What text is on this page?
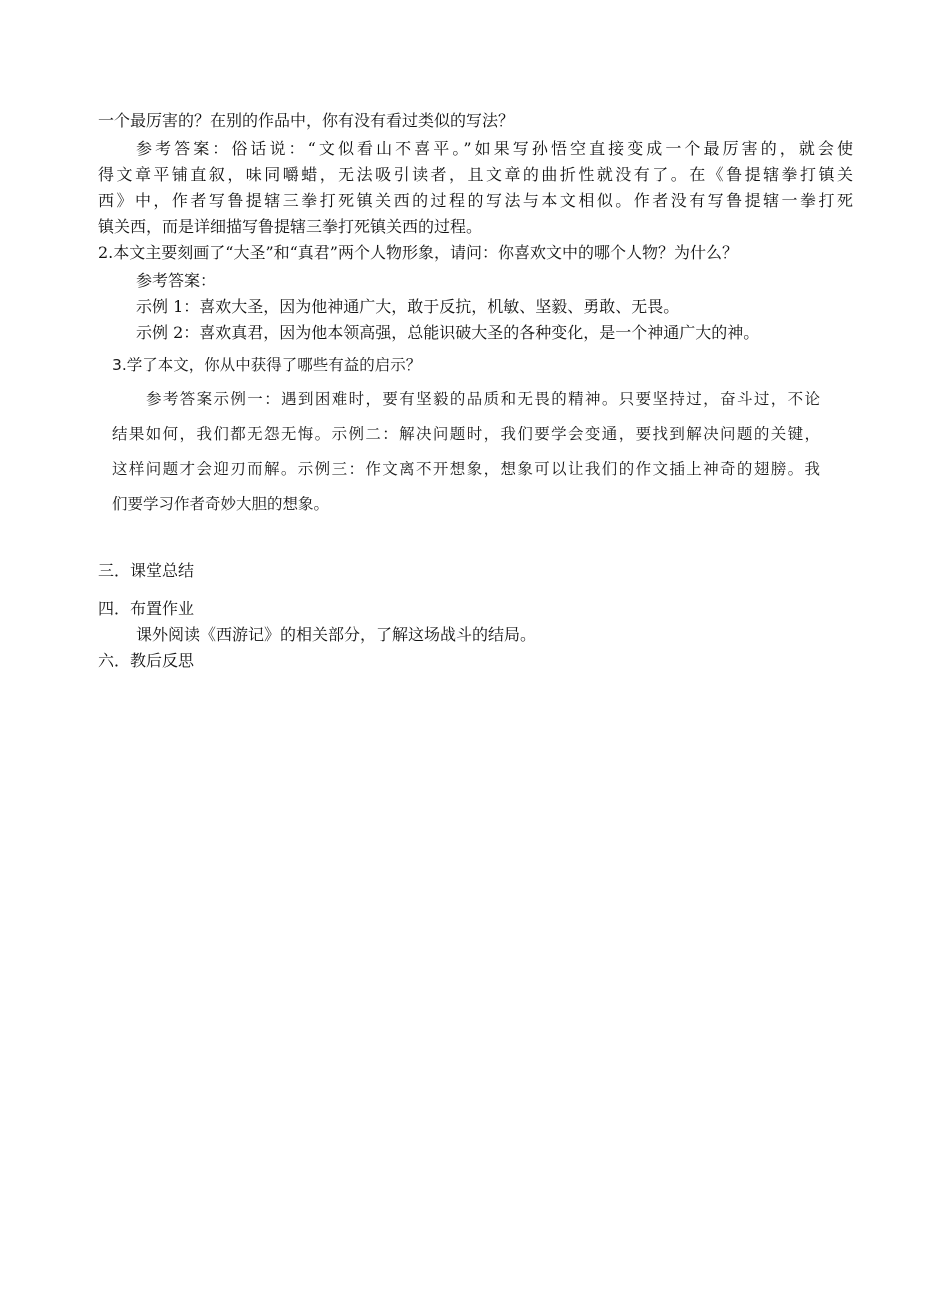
一个最厉害的？在别的作品中，你有没有看过类似的写法？
参考答案：俗话说：“文似看山不喜平。”如果写孙悟空直接变成一个最厉害的，就会使
得文章平铺直叙，味同嚼蜡，无法吸引读者，且文章的曲折性就没有了。在《鲁提辖拳打镇关
西》中，作者写鲁提辖三拳打死镇关西的过程的写法与本文相似。作者没有写鲁提辖一拳打死
镇关西，而是详细描写鲁提辖三拳打死镇关西的过程。
2.本文主要刻画了“大圣”和“真君”两个人物形象，请问：你喜欢文中的哪个人物？为什么？
参考答案：
示例 1：喜欢大圣，因为他神通广大，敢于反抗，机敏、坚毅、勇敢、无畏。
示例 2：喜欢真君，因为他本领高强，总能识破大圣的各种变化，是一个神通广大的神。
3.学了本文，你从中获得了哪些有益的启示？
参考答案示例一：遇到困难时，要有坚毅的品质和无畏的精神。只要坚持过，奋斗过，不论
结果如何，我们都无怨无悔。示例二：解决问题时，我们要学会变通，要找到解决问题的关键，
这样问题才会迎刃而解。示例三：作文离不开想象，想象可以让我们的作文插上神奇的翅膀。我
们要学习作者奇妙大胆的想象。
三．课堂总结
四．布置作业
课外阅读《西游记》的相关部分，了解这场战斗的结局。
六．教后反思
